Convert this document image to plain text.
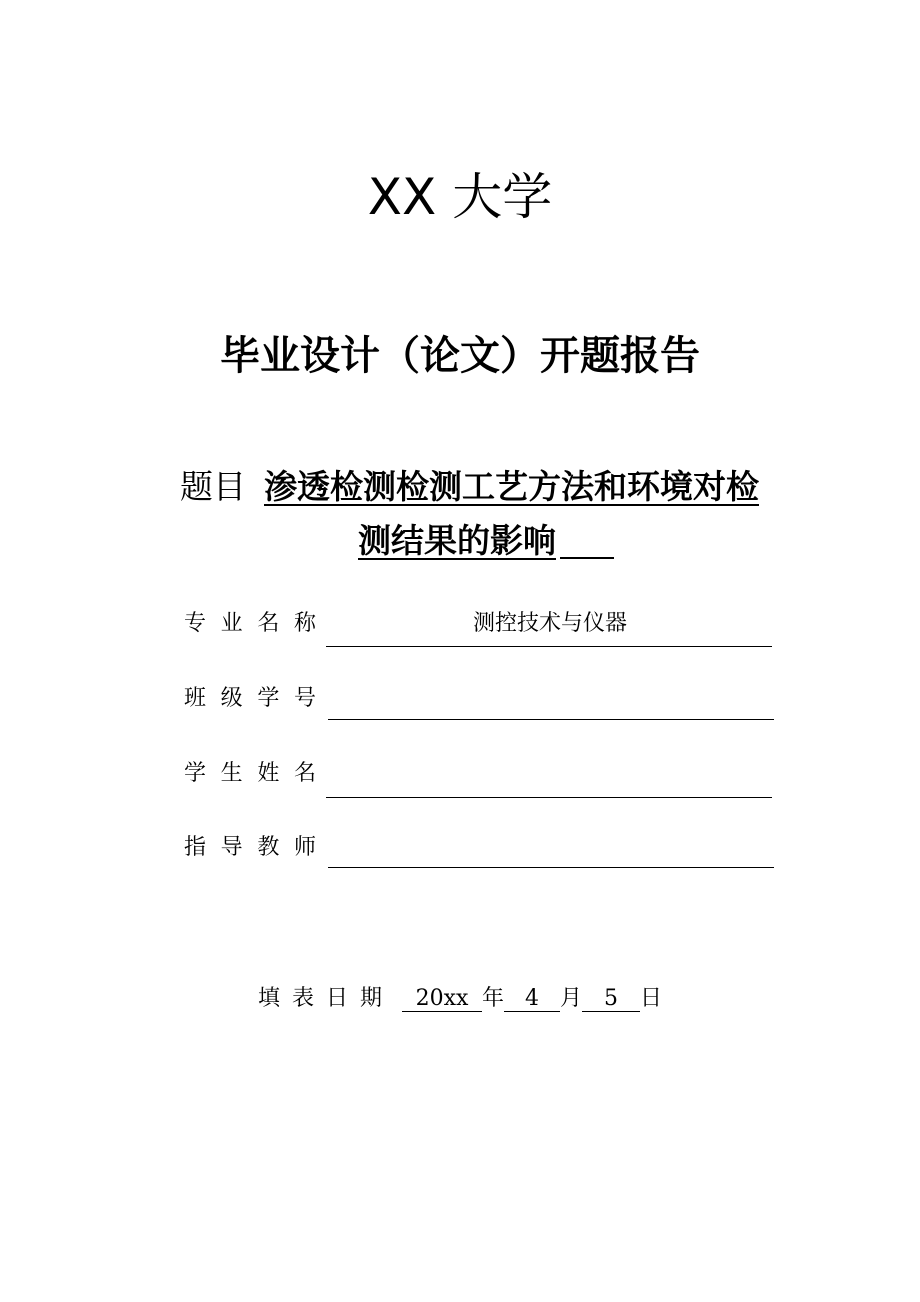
XX 大学
毕业设计（论文）开题报告
题目 渗透检测检测工艺方法和环境对检
测结果的影响
专 业 名 称	测控技术与仪器
班 级 学 号
学 生 姓 名
指 导 教 师
填表日期 20xx 年 4 月	5	日
